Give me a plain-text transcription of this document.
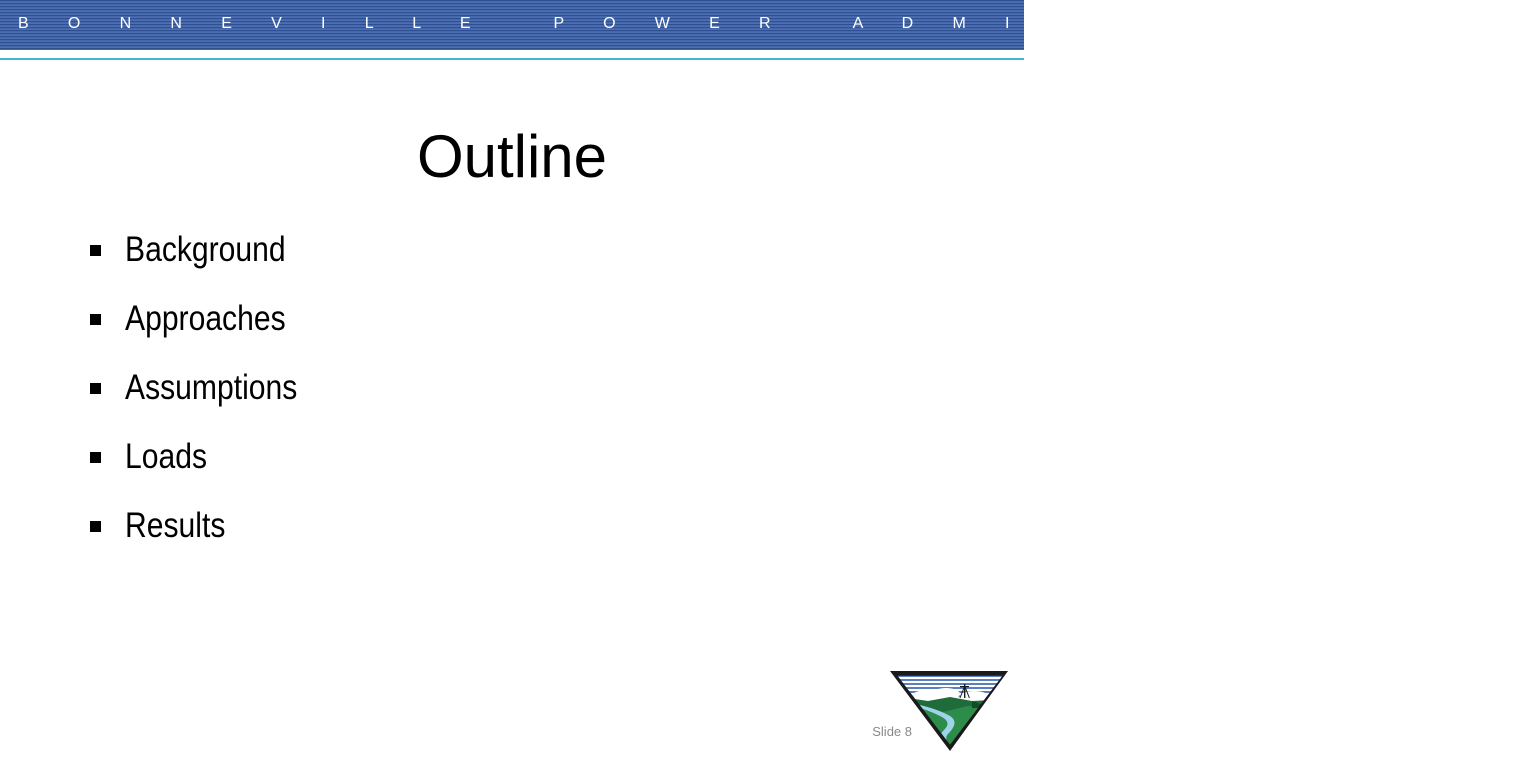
B O N N E V I L L E   P O W E R   A D M I N I S T R A T I O N
Outline
Background
Approaches
Assumptions
Loads
Results
Slide 8
